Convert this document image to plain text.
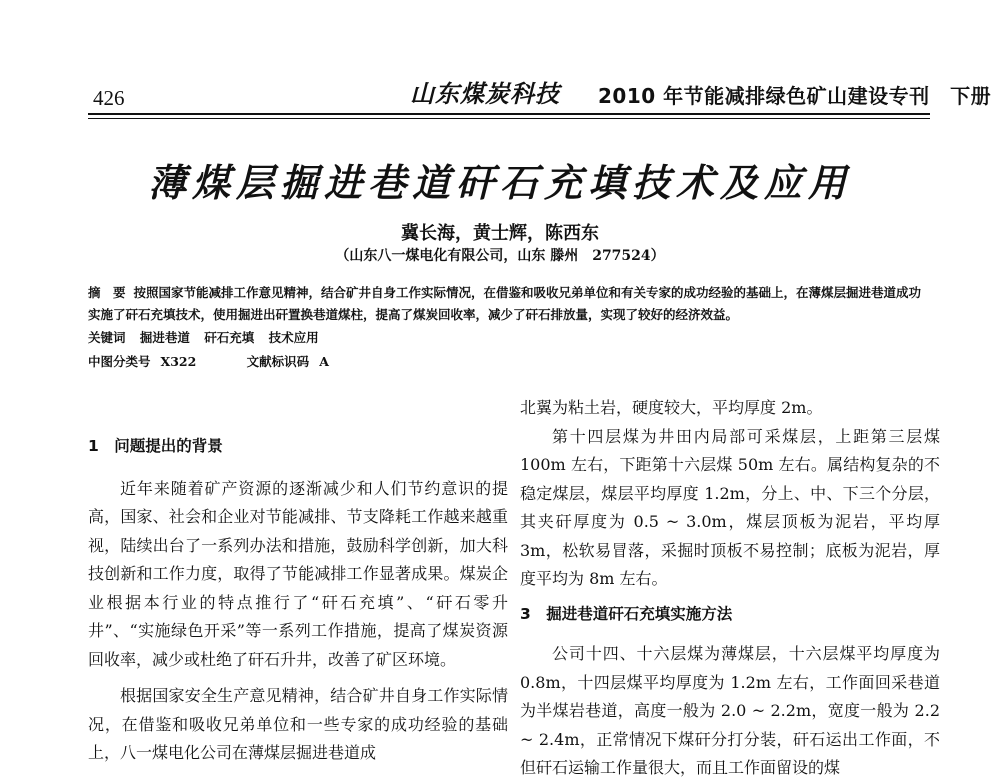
426	山东煤炭科技 2010 年节能减排绿色矿山建设专刊　下册
薄煤层掘进巷道矸石充填技术及应用
冀长海，黄士辉，陈西东
（山东八一煤电化有限公司，山东 滕州　277524）
摘　要 按照国家节能减排工作意见精神，结合矿井自身工作实际情况，在借鉴和吸收兄弟单位和有关专家的成功经验的基础上，在薄煤层掘进巷道成功实施了矸石充填技术，使用掘进出矸置换巷道煤柱，提高了煤炭回收率，减少了矸石排放量，实现了较好的经济效益。
关键词 掘进巷道 矸石充填 技术应用
中图分类号 X322	文献标识码 A

1　问题提出的背景

近年来随着矿产资源的逐渐减少和人们节约意识的提高，国家、社会和企业对节能减排、节支降耗工作越来越重视，陆续出台了一系列办法和措施，鼓励科学创新，加大科技创新和工作力度，取得了节能减排工作显著成果。煤炭企业根据本行业的特点推行了“矸石充填”、“矸石零升井”、“实施绿色开采”等一系列工作措施，提高了煤炭资源回收率，减少或杜绝了矸石升井，改善了矿区环境。

根据国家安全生产意见精神，结合矿井自身工作实际情况，在借鉴和吸收兄弟单位和一些专家的成功经验的基础上，八一煤电化公司在薄煤层掘进巷道成

北翼为粘土岩，硬度较大，平均厚度 2m。

第十四层煤为井田内局部可采煤层，上距第三层煤 100m 左右，下距第十六层煤 50m 左右。属结构复杂的不稳定煤层，煤层平均厚度 1.2m，分上、中、下三个分层，其夹矸厚度为 0.5 ~ 3.0m，煤层顶板为泥岩，平均厚 3m，松软易冒落，采掘时顶板不易控制；底板为泥岩，厚度平均为 8m 左右。

3　掘进巷道矸石充填实施方法

公司十四、十六层煤为薄煤层，十六层煤平均厚度为 0.8m，十四层煤平均厚度为 1.2m 左右，工作面回采巷道为半煤岩巷道，高度一般为 2.0 ~ 2.2m，宽度一般为 2.2 ~ 2.4m，正常情况下煤矸分打分装，矸石运出工作面，不但矸石运输工作量很大，而且工作面留设的煤
